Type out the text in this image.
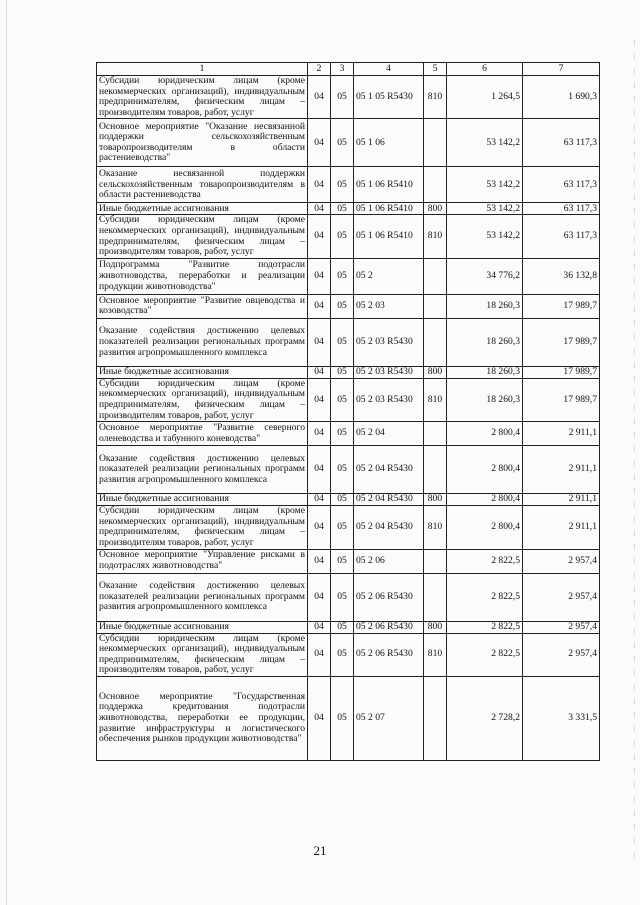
1	2	3	4	5	6	7
Субсидии юридическим лицам (кроме некоммерческих организаций), индивидуальным предпринимателям, физическим лицам – производителям товаров, работ, услуг	04	05	05 1 05 R5430	810	1 264,5	1 690,3
Основное мероприятие "Оказание несвязанной поддержки сельскохозяйственным товаропроизводителям в области растениеводства"	04	05	05 1 06		53 142,2	63 117,3
Оказание несвязанной поддержки сельскохозяйственным товаропроизводителям в области растениеводства	04	05	05 1 06 R5410		53 142,2	63 117,3
Иные бюджетные ассигнования	04	05	05 1 06 R5410	800	53 142,2	63 117,3
Субсидии юридическим лицам (кроме некоммерческих организаций), индивидуальным предпринимателям, физическим лицам – производителям товаров, работ, услуг	04	05	05 1 06 R5410	810	53 142,2	63 117,3
Подпрограмма "Развитие подотрасли животноводства, переработки и реализации продукции животноводства"	04	05	05 2		34 776,2	36 132,8
Основное мероприятие "Развитие овцеводства и козоводства"	04	05	05 2 03		18 260,3	17 989,7
Оказание содействия достижению целевых показателей реализации региональных программ развития агропромышленного комплекса	04	05	05 2 03 R5430		18 260,3	17 989,7
Иные бюджетные ассигнования	04	05	05 2 03 R5430	800	18 260,3	17 989,7
Субсидии юридическим лицам (кроме некоммерческих организаций), индивидуальным предпринимателям, физическим лицам – производителям товаров, работ, услуг	04	05	05 2 03 R5430	810	18 260,3	17 989,7
Основное мероприятие "Развитие северного оленеводства и табунного коневодства"	04	05	05 2 04		2 800,4	2 911,1
Оказание содействия достижению целевых показателей реализации региональных программ развития агропромышленного комплекса	04	05	05 2 04 R5430		2 800,4	2 911,1
Иные бюджетные ассигнования	04	05	05 2 04 R5430	800	2 800,4	2 911,1
Субсидии юридическим лицам (кроме некоммерческих организаций), индивидуальным предпринимателям, физическим лицам – производителям товаров, работ, услуг	04	05	05 2 04 R5430	810	2 800,4	2 911,1
Основное мероприятие "Управление рисками в подотраслях животноводства"	04	05	05 2 06		2 822,5	2 957,4
Оказание содействия достижению целевых показателей реализации региональных программ развития агропромышленного комплекса	04	05	05 2 06 R5430		2 822,5	2 957,4
Иные бюджетные ассигнования	04	05	05 2 06 R5430	800	2 822,5	2 957,4
Субсидии юридическим лицам (кроме некоммерческих организаций), индивидуальным предпринимателям, физическим лицам – производителям товаров, работ, услуг	04	05	05 2 06 R5430	810	2 822,5	2 957,4
Основное мероприятие "Государственная поддержка кредитования подотрасли животноводства, переработки ее продукции, развитие инфраструктуры и логистического обеспечения рынков продукции животноводства"	04	05	05 2 07		2 728,2	3 331,5
21
